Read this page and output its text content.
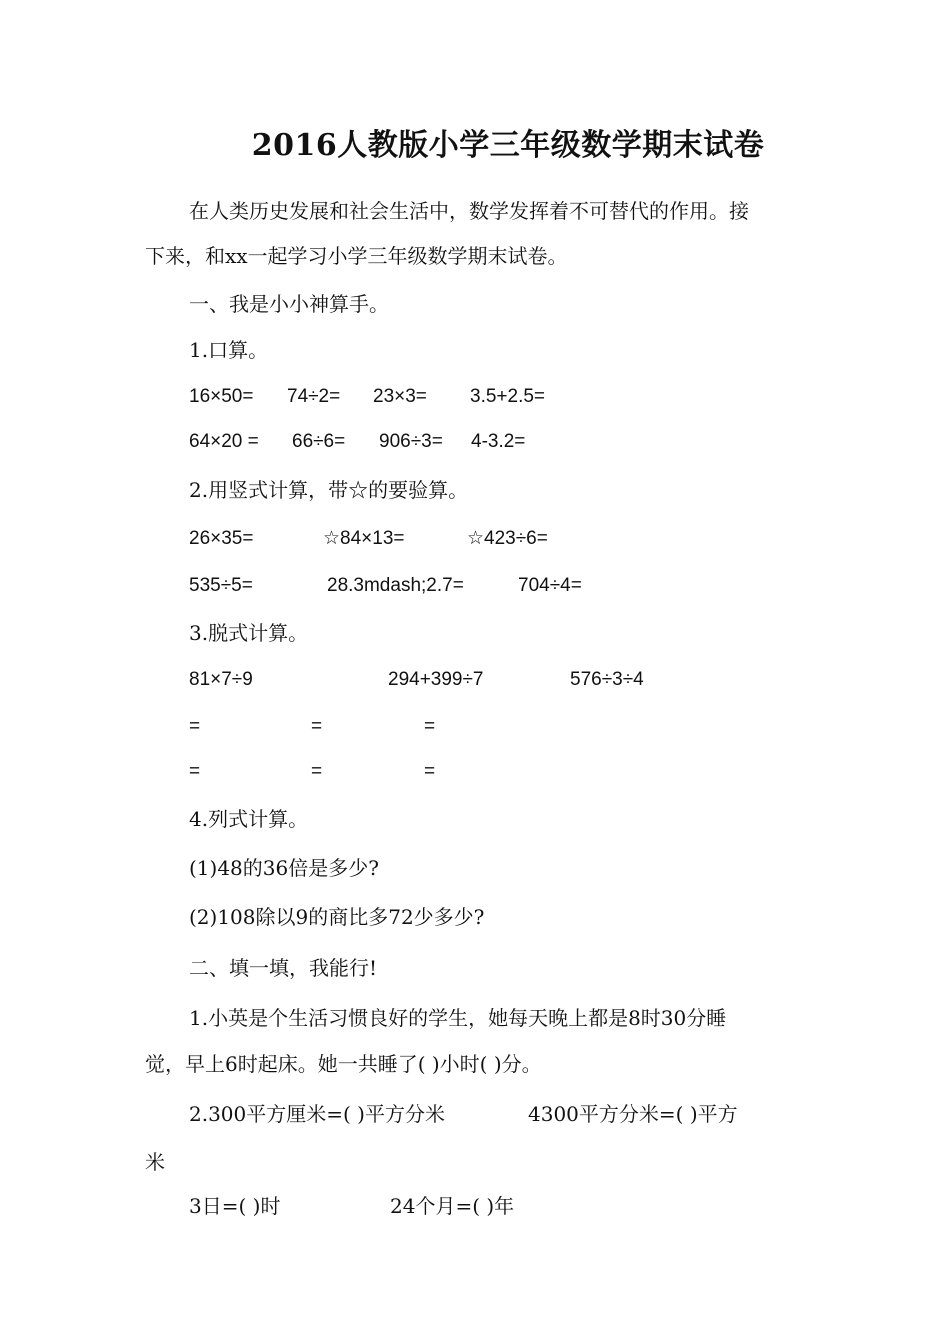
2016人教版小学三年级数学期末试卷
在人类历史发展和社会生活中，数学发挥着不可替代的作用。接
下来，和xx一起学习小学三年级数学期末试卷。
一、我是小小神算手。
1.口算。
16×50= 74÷2= 23×3= 3.5+2.5=
64×20 = 66÷6= 906÷3= 4-3.2=
2.用竖式计算，带☆的要验算。
26×35=	☆84×13=	☆423÷6=
535÷5=	28.3mdash;2.7=	704÷4=
3.脱式计算。
81×7÷9	294+399÷7	576÷3÷4
=	=	=
=	=	=
4.列式计算。
(1)48的36倍是多少?
(2)108除以9的商比多72少多少?
二、填一填，我能行!
1.小英是个生活习惯良好的学生，她每天晚上都是8时30分睡
觉，早上6时起床。她一共睡了( )小时( )分。
2.300平方厘米=( )平方分米	4300平方分米=( )平方
米
3日=( )时	24个月=( )年
